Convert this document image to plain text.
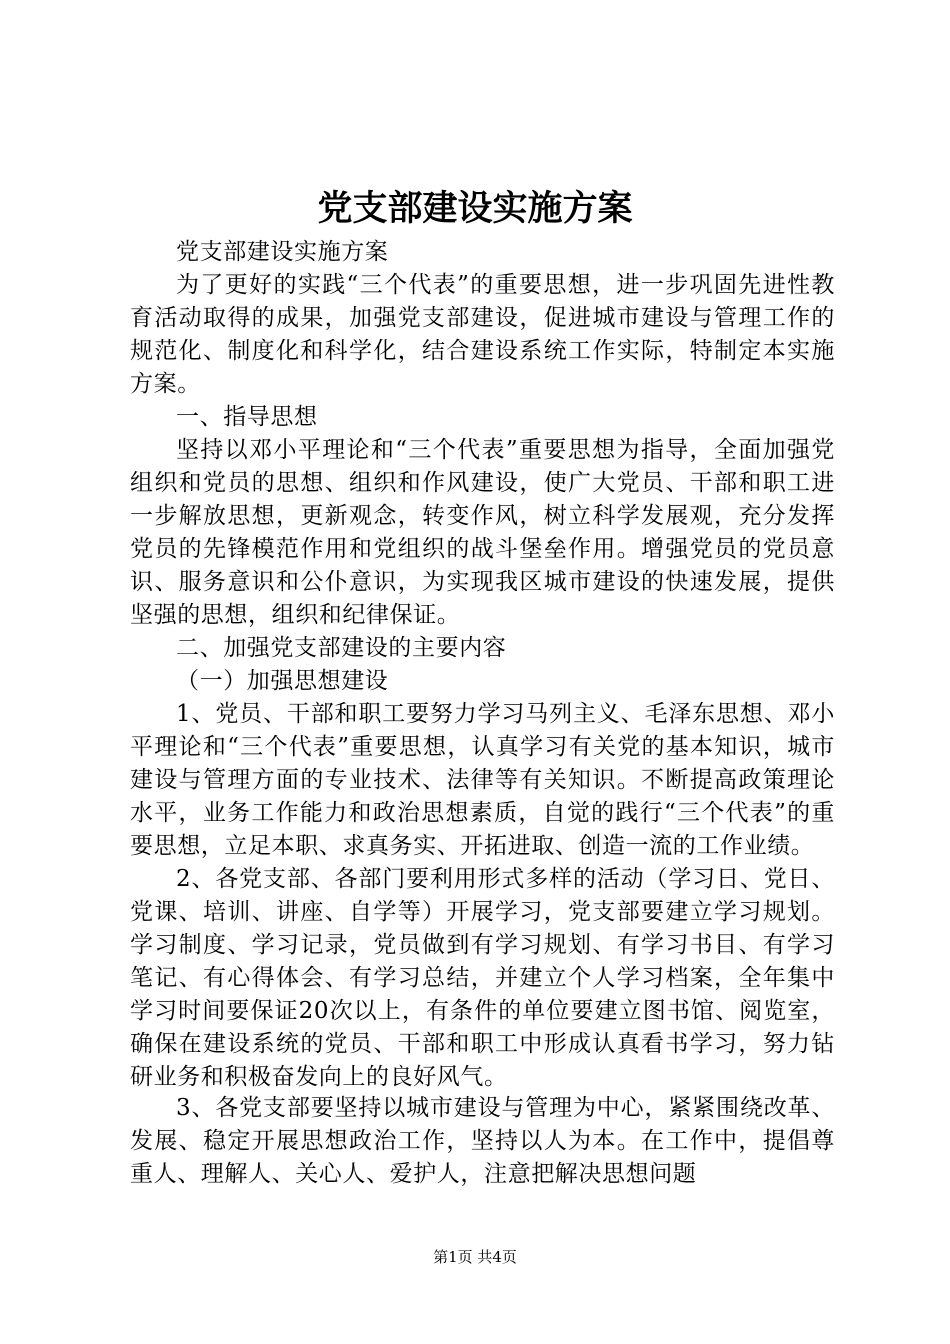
党支部建设实施方案

党支部建设实施方案

为了更好的实践“三个代表”的重要思想，进一步巩固先进性教育活动取得的成果，加强党支部建设，促进城市建设与管理工作的规范化、制度化和科学化，结合建设系统工作实际，特制定本实施方案。

一、指导思想

坚持以邓小平理论和“三个代表”重要思想为指导，全面加强党组织和党员的思想、组织和作风建设，使广大党员、干部和职工进一步解放思想，更新观念，转变作风，树立科学发展观，充分发挥党员的先锋模范作用和党组织的战斗堡垒作用。增强党员的党员意识、服务意识和公仆意识，为实现我区城市建设的快速发展，提供坚强的思想，组织和纪律保证。

二、加强党支部建设的主要内容

（一）加强思想建设

1、党员、干部和职工要努力学习马列主义、毛泽东思想、邓小平理论和“三个代表”重要思想，认真学习有关党的基本知识，城市建设与管理方面的专业技术、法律等有关知识。不断提高政策理论水平，业务工作能力和政治思想素质，自觉的践行“三个代表”的重要思想，立足本职、求真务实、开拓进取、创造一流的工作业绩。

2、各党支部、各部门要利用形式多样的活动（学习日、党日、党课、培训、讲座、自学等）开展学习，党支部要建立学习规划。学习制度、学习记录，党员做到有学习规划、有学习书目、有学习笔记、有心得体会、有学习总结，并建立个人学习档案，全年集中学习时间要保证20次以上，有条件的单位要建立图书馆、阅览室，确保在建设系统的党员、干部和职工中形成认真看书学习，努力钻研业务和积极奋发向上的良好风气。

3、各党支部要坚持以城市建设与管理为中心，紧紧围绕改革、发展、稳定开展思想政治工作，坚持以人为本。在工作中，提倡尊重人、理解人、关心人、爱护人，注意把解决思想问题

第1页 共4页
